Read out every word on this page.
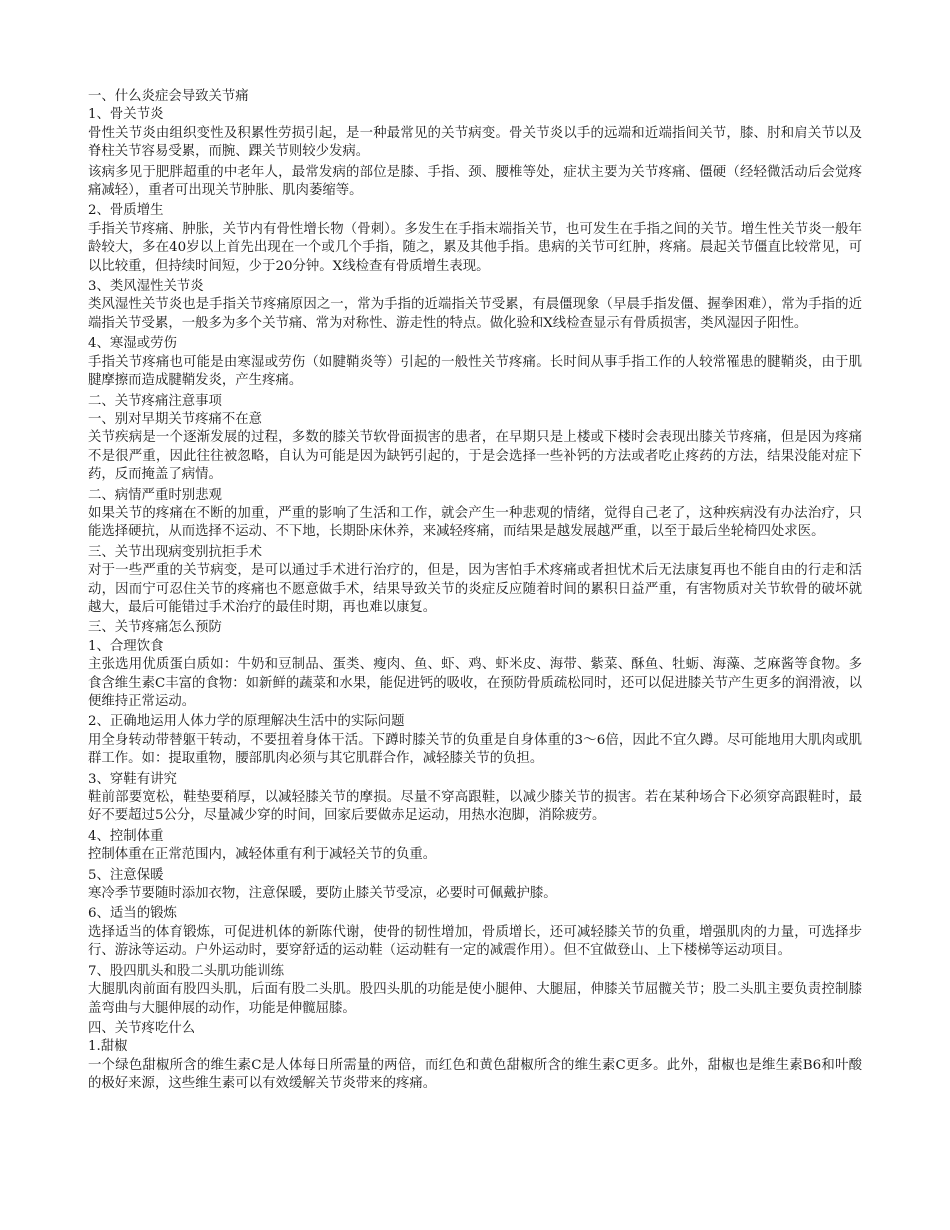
一、什么炎症会导致关节痛
1、骨关节炎
骨性关节炎由组织变性及积累性劳损引起，是一种最常见的关节病变。骨关节炎以手的远端和近端指间关节，膝、肘和肩关节以及脊柱关节容易受累，而腕、踝关节则较少发病。
该病多见于肥胖超重的中老年人，最常发病的部位是膝、手指、颈、腰椎等处，症状主要为关节疼痛、僵硬（经轻微活动后会觉疼痛减轻），重者可出现关节肿胀、肌肉萎缩等。
2、骨质增生
手指关节疼痛、肿胀，关节内有骨性增长物（骨刺）。多发生在手指末端指关节，也可发生在手指之间的关节。增生性关节炎一般年龄较大，多在40岁以上首先出现在一个或几个手指，随之，累及其他手指。患病的关节可红肿，疼痛。晨起关节僵直比较常见，可以比较重，但持续时间短，少于20分钟。X线检查有骨质增生表现。
3、类风湿性关节炎
类风湿性关节炎也是手指关节疼痛原因之一，常为手指的近端指关节受累，有晨僵现象（早晨手指发僵、握拳困难），常为手指的近端指关节受累，一般多为多个关节痛、常为对称性、游走性的特点。做化验和X线检查显示有骨质损害，类风湿因子阳性。
4、寒湿或劳伤
手指关节疼痛也可能是由寒湿或劳伤（如腱鞘炎等）引起的一般性关节疼痛。长时间从事手指工作的人较常罹患的腱鞘炎，由于肌腱摩擦而造成腱鞘发炎，产生疼痛。
二、关节疼痛注意事项
一、别对早期关节疼痛不在意
关节疾病是一个逐渐发展的过程，多数的膝关节软骨面损害的患者，在早期只是上楼或下楼时会表现出膝关节疼痛，但是因为疼痛不是很严重，因此往往被忽略，自认为可能是因为缺钙引起的，于是会选择一些补钙的方法或者吃止疼药的方法，结果没能对症下药，反而掩盖了病情。
二、病情严重时别悲观
如果关节的疼痛在不断的加重，严重的影响了生活和工作，就会产生一种悲观的情绪，觉得自己老了，这种疾病没有办法治疗，只能选择硬抗，从而选择不运动、不下地，长期卧床休养，来减轻疼痛，而结果是越发展越严重，以至于最后坐轮椅四处求医。
三、关节出现病变别抗拒手术
对于一些严重的关节病变，是可以通过手术进行治疗的，但是，因为害怕手术疼痛或者担忧术后无法康复再也不能自由的行走和活动，因而宁可忍住关节的疼痛也不愿意做手术，结果导致关节的炎症反应随着时间的累积日益严重，有害物质对关节软骨的破坏就越大，最后可能错过手术治疗的最佳时期，再也难以康复。
三、关节疼痛怎么预防
1、合理饮食
主张选用优质蛋白质如：牛奶和豆制品、蛋类、瘦肉、鱼、虾、鸡、虾米皮、海带、紫菜、酥鱼、牡蛎、海藻、芝麻酱等食物。多食含维生素C丰富的食物：如新鲜的蔬菜和水果，能促进钙的吸收，在预防骨质疏松同时，还可以促进膝关节产生更多的润滑液，以便维持正常运动。
2、正确地运用人体力学的原理解决生活中的实际问题
用全身转动带替躯干转动，不要扭着身体干活。下蹲时膝关节的负重是自身体重的3～6倍，因此不宜久蹲。尽可能地用大肌肉或肌群工作。如：提取重物，腰部肌肉必须与其它肌群合作，减轻膝关节的负担。
3、穿鞋有讲究
鞋前部要宽松，鞋垫要稍厚，以减轻膝关节的摩损。尽量不穿高跟鞋，以减少膝关节的损害。若在某种场合下必须穿高跟鞋时，最好不要超过5公分，尽量减少穿的时间，回家后要做赤足运动，用热水泡脚，消除疲劳。
4、控制体重
控制体重在正常范围内，减轻体重有利于减轻关节的负重。
5、注意保暖
寒冷季节要随时添加衣物，注意保暖，要防止膝关节受凉，必要时可佩戴护膝。
6、适当的锻炼
选择适当的体育锻炼，可促进机体的新陈代谢，使骨的韧性增加，骨质增长，还可减轻膝关节的负重，增强肌肉的力量，可选择步行、游泳等运动。户外运动时，要穿舒适的运动鞋（运动鞋有一定的减震作用）。但不宜做登山、上下楼梯等运动项目。
7、股四肌头和股二头肌功能训练
大腿肌肉前面有股四头肌，后面有股二头肌。股四头肌的功能是使小腿伸、大腿屈，伸膝关节屈髋关节；股二头肌主要负责控制膝盖弯曲与大腿伸展的动作，功能是伸髋屈膝。
四、关节疼吃什么
1.甜椒
一个绿色甜椒所含的维生素C是人体每日所需量的两倍，而红色和黄色甜椒所含的维生素C更多。此外，甜椒也是维生素B6和叶酸的极好来源，这些维生素可以有效缓解关节炎带来的疼痛。
